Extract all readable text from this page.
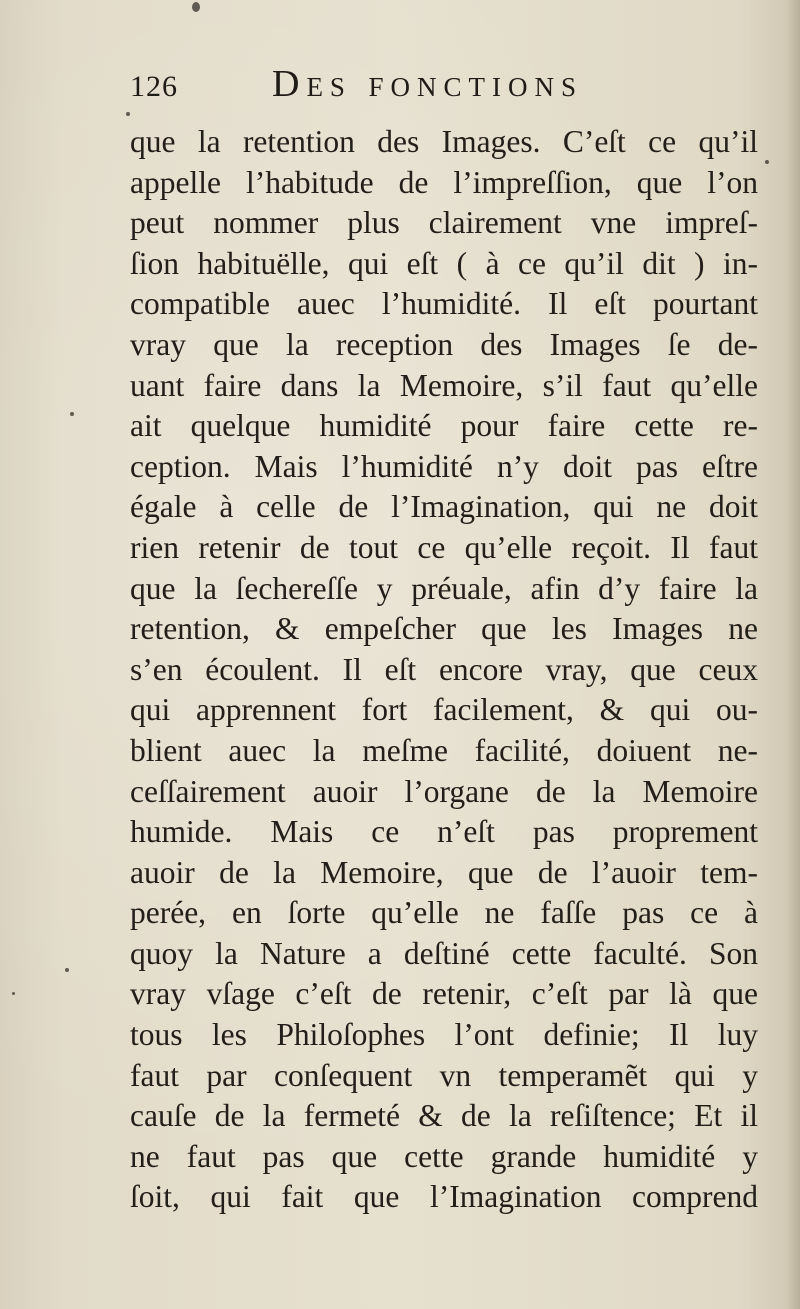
126 Des fonctions
que la retention des Images. C’eſt ce qu’il
appelle l’habitude de l’impreſſion, que l’on
peut nommer plus clairement vne impreſ-
ſion habituëlle, qui eſt ( à ce qu’il dit ) in-
compatible auec l’humidité. Il eſt pourtant
vray que la reception des Images ſe de-
uant faire dans la Memoire, s’il faut qu’elle
ait quelque humidité pour faire cette re-
ception. Mais l’humidité n’y doit pas eſtre
égale à celle de l’Imagination, qui ne doit
rien retenir de tout ce qu’elle reçoit. Il faut
que la ſechereſſe y préuale, afin d’y faire la
retention, & empeſcher que les Images ne
s’en écoulent. Il eſt encore vray, que ceux
qui apprennent fort facilement, & qui ou-
blient auec la meſme facilité, doiuent ne-
ceſſairement auoir l’organe de la Memoire
humide. Mais ce n’eſt pas proprement
auoir de la Memoire, que de l’auoir tem-
perée, en ſorte qu’elle ne faſſe pas ce à
quoy la Nature a deſtiné cette faculté. Son
vray vſage c’eſt de retenir, c’eſt par là que
tous les Philoſophes l’ont definie; Il luy
faut par conſequent vn temperamẽt qui y
cauſe de la fermeté & de la reſiſtence; Et il
ne faut pas que cette grande humidité y
ſoit, qui fait que l’Imagination comprend
